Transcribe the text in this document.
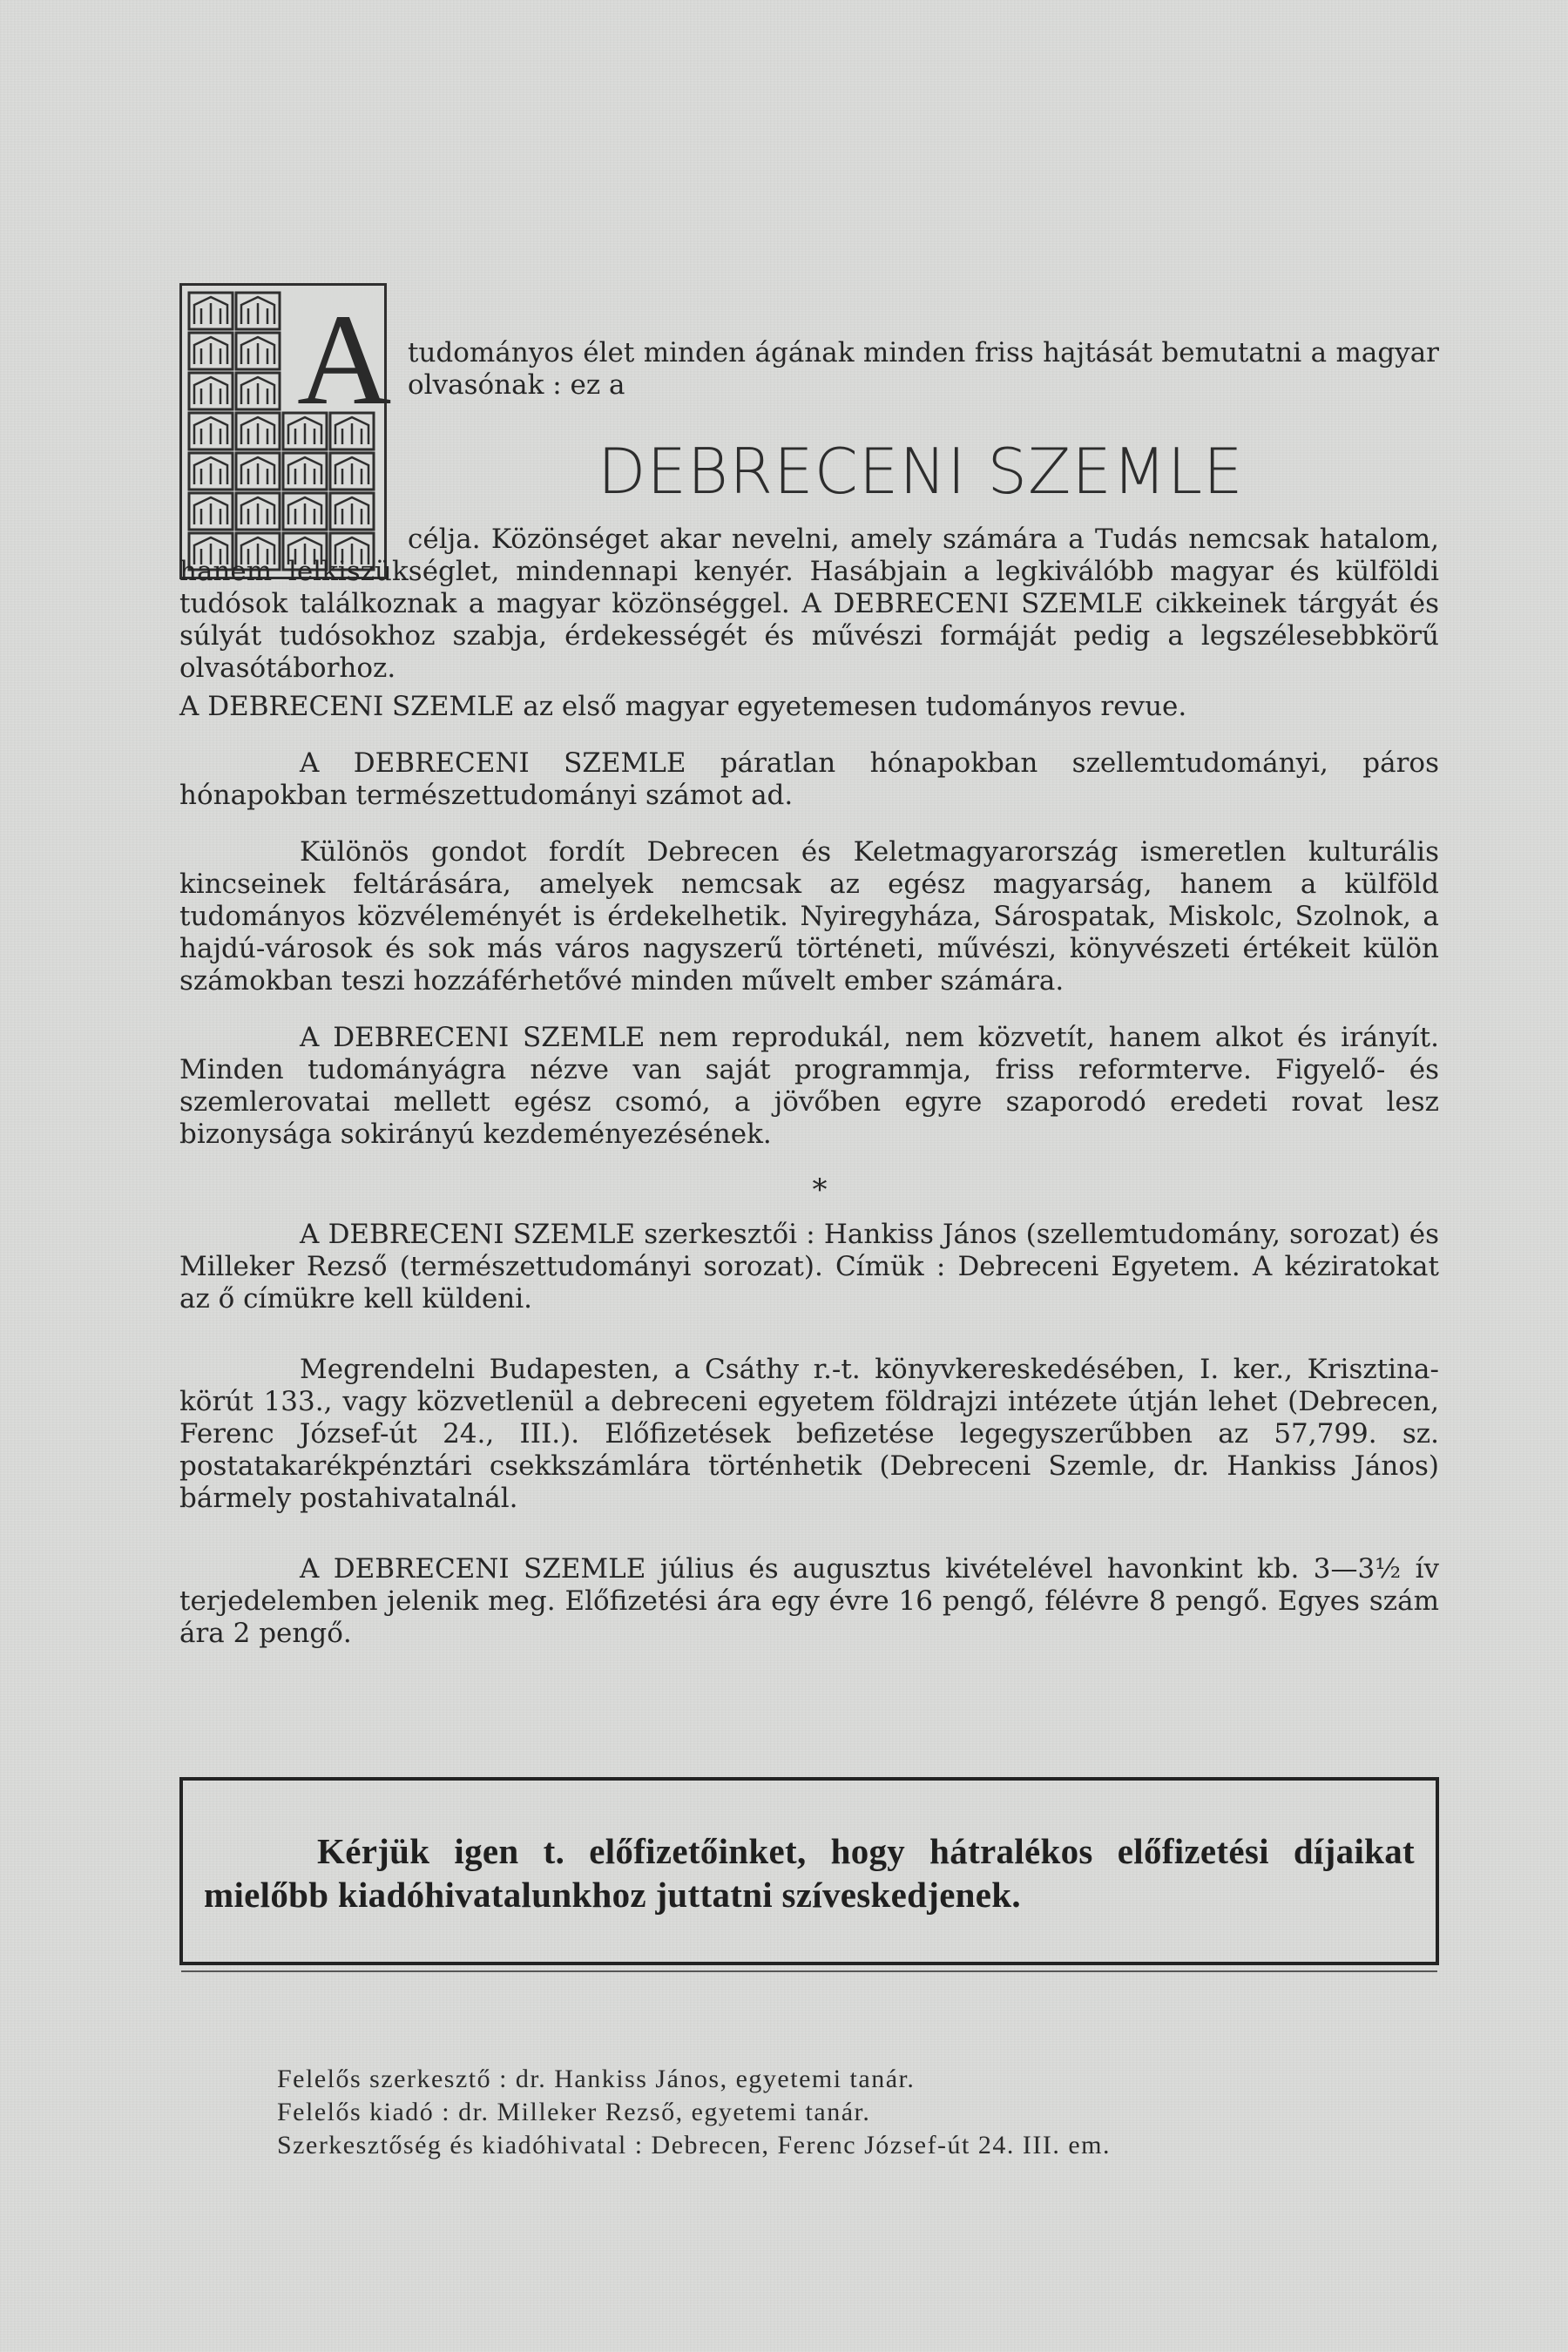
A tudományos élet minden ágának minden friss hajtását bemutatni a magyar olvasónak : ez a

DEBRECENI SZEMLE

célja. Közönséget akar nevelni, amely számára a Tudás nemcsak hatalom, hanem lelkiszükséglet, mindennapi kenyér. Hasábjain a legkiválóbb magyar és külföldi tudósok találkoznak a magyar közönséggel. A DEBRECENI SZEMLE cikkeinek tárgyát és súlyát tudósokhoz szabja, érdekességét és művészi formáját pedig a legszélesebbkörű olvasótáborhoz.

A DEBRECENI SZEMLE az első magyar egyetemesen tudományos revue.

A DEBRECENI SZEMLE páratlan hónapokban szellemtudományi, páros hónapokban természettudományi számot ad.

Különös gondot fordít Debrecen és Keletmagyarország ismeretlen kulturális kincseinek feltárására, amelyek nemcsak az egész magyarság, hanem a külföld tudományos közvéleményét is érdekelhetik. Nyiregyháza, Sárospatak, Miskolc, Szolnok, a hajdú-városok és sok más város nagyszerű történeti, művészi, könyvészeti értékeit külön számokban teszi hozzáférhetővé minden művelt ember számára.

A DEBRECENI SZEMLE nem reprodukál, nem közvetít, hanem alkot és irányít. Minden tudományágra nézve van saját programmja, friss reformterve. Figyelő- és szemlerovatai mellett egész csomó, a jövőben egyre szaporodó eredeti rovat lesz bizonysága sokirányú kezdeményezésének.

*

A DEBRECENI SZEMLE szerkesztői : Hankiss János (szellemtudomány, sorozat) és Milleker Rezső (természettudományi sorozat). Címük : Debreceni Egyetem. A kéziratokat az ő címükre kell küldeni.

Megrendelni Budapesten, a Csáthy r.-t. könyvkereskedésében, I. ker., Krisztina-körút 133., vagy közvetlenül a debreceni egyetem földrajzi intézete útján lehet (Debrecen, Ferenc József-út 24., III.). Előfizetések befizetése legegyszerűbben az 57,799. sz. postatakarékpénztári csekkszámlára történhetik (Debreceni Szemle, dr. Hankiss János) bármely postahivatalnál.

A DEBRECENI SZEMLE július és augusztus kivételével havonkint kb. 3—3½ ív terjedelemben jelenik meg. Előfizetési ára egy évre 16 pengő, félévre 8 pengő. Egyes szám ára 2 pengő.

Kérjük igen t. előfizetőinket, hogy hátralékos előfizetési díjaikat mielőbb kiadóhivatalunkhoz juttatni szíveskedjenek.

Felelős szerkesztő : dr. Hankiss János, egyetemi tanár.
Felelős kiadó : dr. Milleker Rezső, egyetemi tanár.
Szerkesztőség és kiadóhivatal : Debrecen, Ferenc József-út 24. III. em.
